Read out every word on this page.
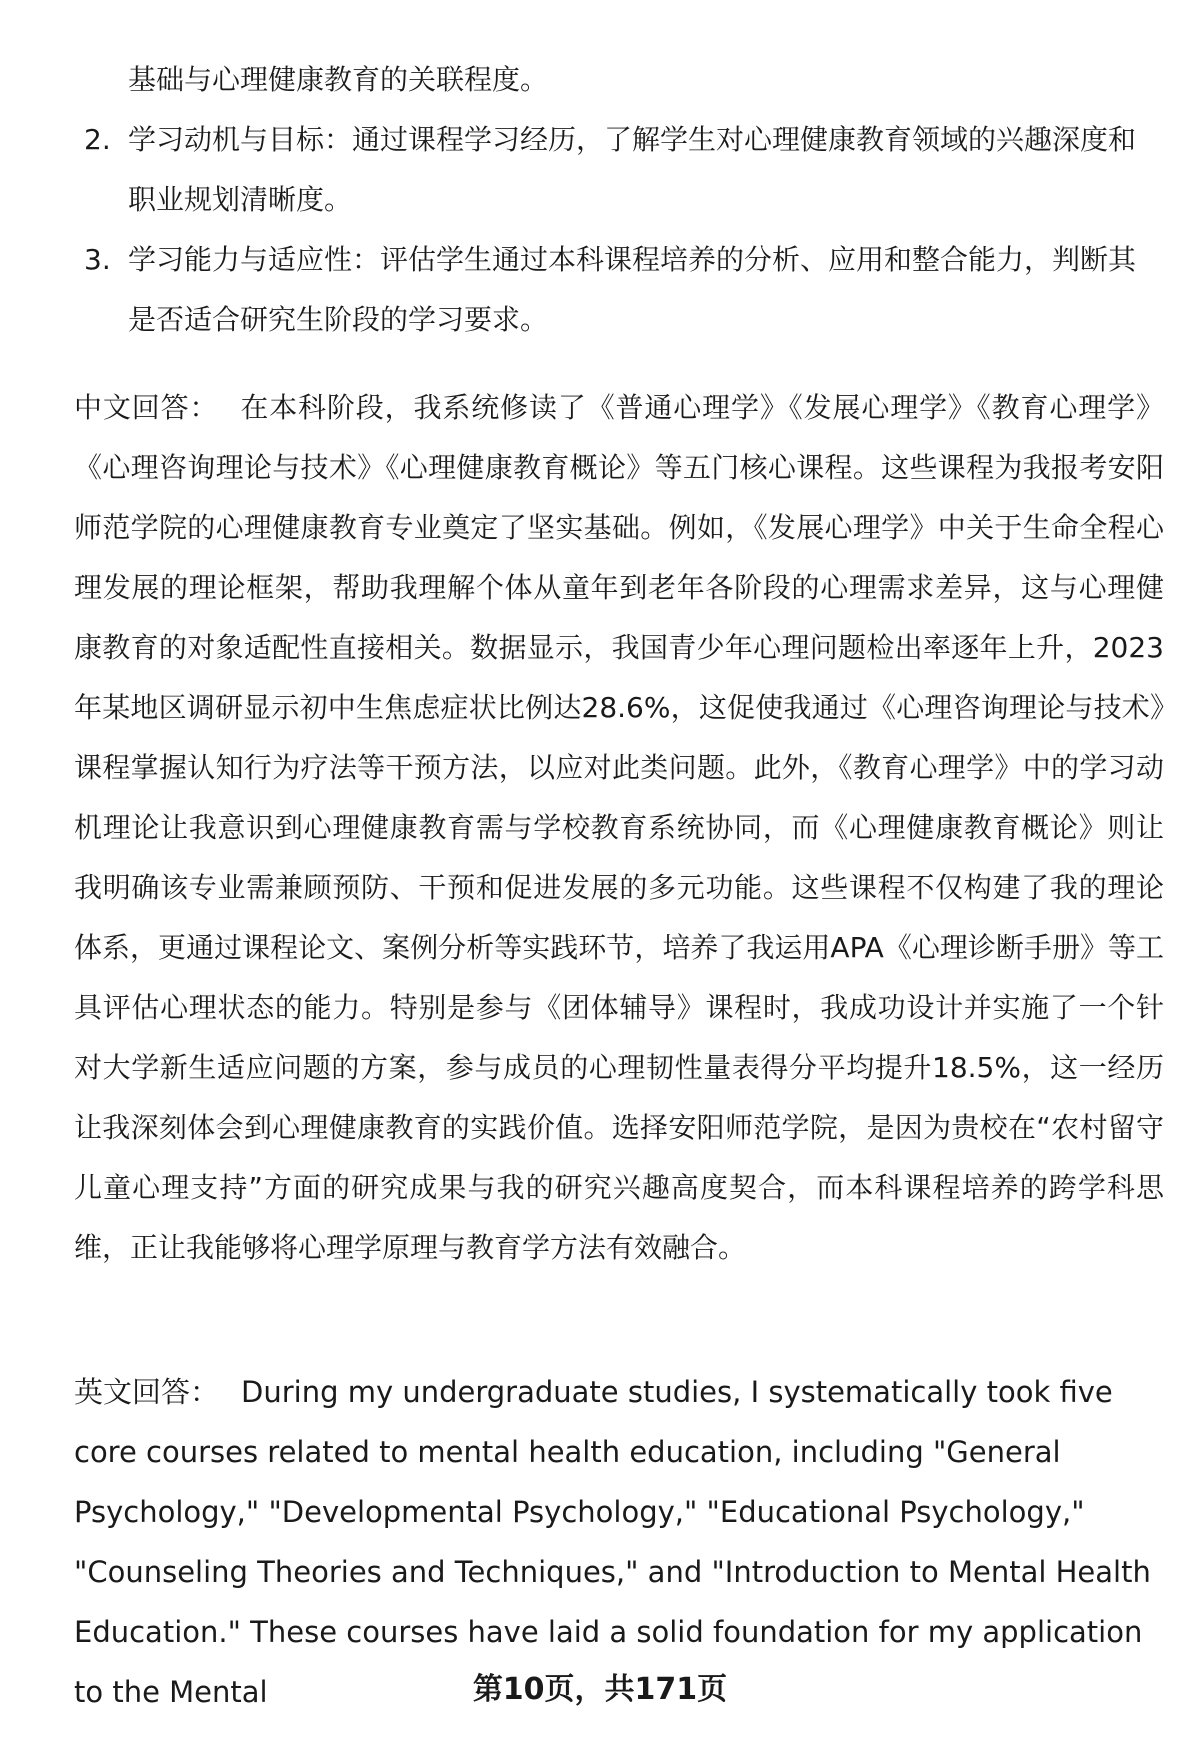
基础与心理健康教育的关联程度。
2. 学习动机与目标：通过课程学习经历，了解学生对心理健康教育领域的兴趣深度和职业规划清晰度。
3. 学习能力与适应性：评估学生通过本科课程培养的分析、应用和整合能力，判断其是否适合研究生阶段的学习要求。
中文回答： 在本科阶段，我系统修读了《普通心理学》《发展心理学》《教育心理学》《心理咨询理论与技术》《心理健康教育概论》等五门核心课程。这些课程为我报考安阳师范学院的心理健康教育专业奠定了坚实基础。例如，《发展心理学》中关于生命全程心理发展的理论框架，帮助我理解个体从童年到老年各阶段的心理需求差异，这与心理健康教育的对象适配性直接相关。数据显示，我国青少年心理问题检出率逐年上升，2023年某地区调研显示初中生焦虑症状比例达28.6%，这促使我通过《心理咨询理论与技术》课程掌握认知行为疗法等干预方法，以应对此类问题。此外，《教育心理学》中的学习动机理论让我意识到心理健康教育需与学校教育系统协同，而《心理健康教育概论》则让我明确该专业需兼顾预防、干预和促进发展的多元功能。这些课程不仅构建了我的理论体系，更通过课程论文、案例分析等实践环节，培养了我运用APA《心理诊断手册》等工具评估心理状态的能力。特别是参与《团体辅导》课程时，我成功设计并实施了一个针对大学新生适应问题的方案，参与成员的心理韧性量表得分平均提升18.5%，这一经历让我深刻体会到心理健康教育的实践价值。选择安阳师范学院，是因为贵校在“农村留守儿童心理支持”方面的研究成果与我的研究兴趣高度契合，而本科课程培养的跨学科思维，正让我能够将心理学原理与教育学方法有效融合。
英文回答： During my undergraduate studies, I systematically took five core courses related to mental health education, including "General Psychology," "Developmental Psychology," "Educational Psychology," "Counseling Theories and Techniques," and "Introduction to Mental Health Education." These courses have laid a solid foundation for my application to the Mental	第10页，共171页
